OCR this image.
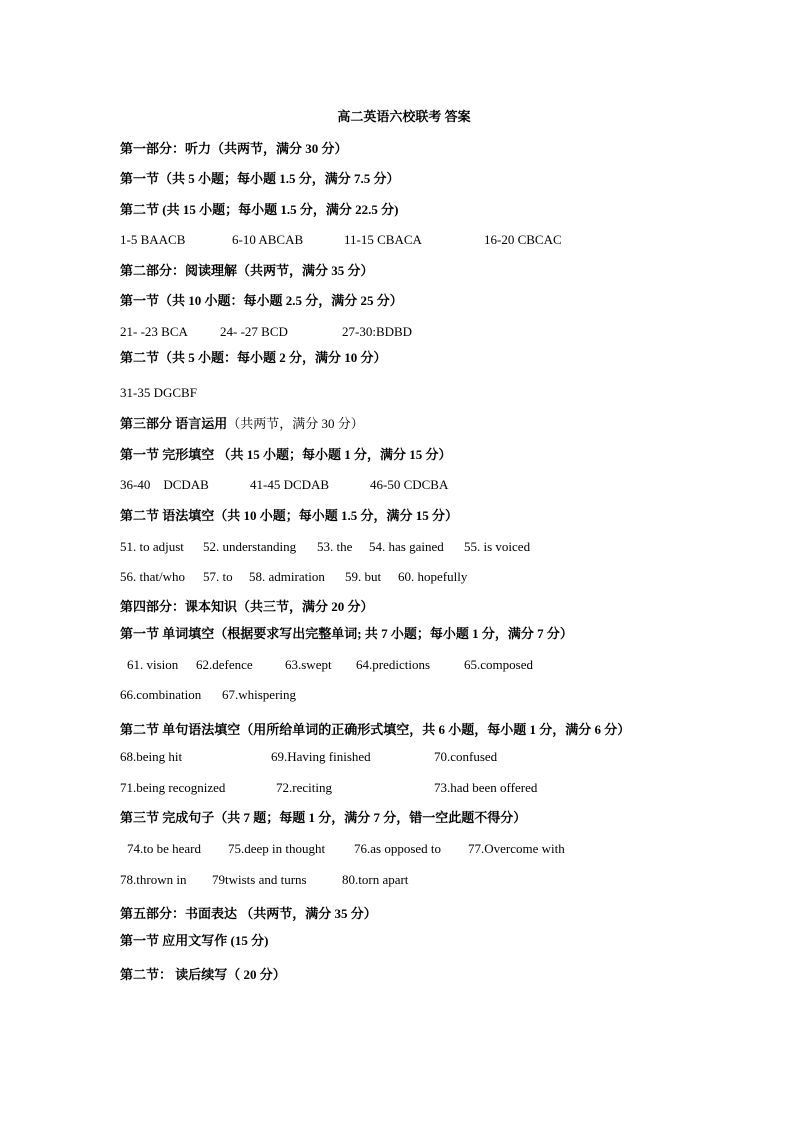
高二英语六校联考 答案
第一部分：听力（共两节，满分 30 分）
第一节（共 5 小题；每小题 1.5 分，满分 7.5 分）
第二节 (共 15 小题；每小题 1.5 分，满分 22.5 分)
1-5 BAACB	6-10 ABCAB	11-15 CBACA	16-20 CBCAC
第二部分：阅读理解（共两节，满分 35 分）
第一节（共 10 小题：每小题 2.5 分，满分 25 分）
21- -23 BCA 24- -27 BCD	27-30:BDBD
第二节（共 5 小题：每小题 2 分，满分 10 分）
31-35 DGCBF
第三部分 语言运用（共两节，满分 30 分）
第一节 完形填空 （共 15 小题；每小题 1 分，满分 15 分）
36-40    DCDAB	41-45 DCDAB	46-50 CDCBA
第二节 语法填空（共 10 小题；每小题 1.5 分，满分 15 分）
51. to adjust 52. understanding 53. the 54. has gained 55. is voiced
56. that/who 57. to 58. admiration 59. but 60. hopefully
第四部分：课本知识（共三节，满分 20 分）
第一节 单词填空（根据要求写出完整单词; 共 7 小题；每小题 1 分，满分 7 分）
61. vision 62.defence 63.swept 64.predictions	65.composed
66.combination 67.whispering
第二节 单句语法填空（用所给单词的正确形式填空，共 6 小题，每小题 1 分，满分 6 分）
68.being hit	69.Having finished	70.confused
71.being recognized	72.reciting	73.had been offered
第三节 完成句子（共 7 题；每题 1 分，满分 7 分，错一空此题不得分）
74.to be heard 75.deep in thought 76.as opposed to 77.Overcome with
78.thrown in 79twists and turns	80.torn apart
第五部分：书面表达 （共两节，满分 35 分）
第一节 应用文写作 (15 分)
第二节： 读后续写（ 20 分）
